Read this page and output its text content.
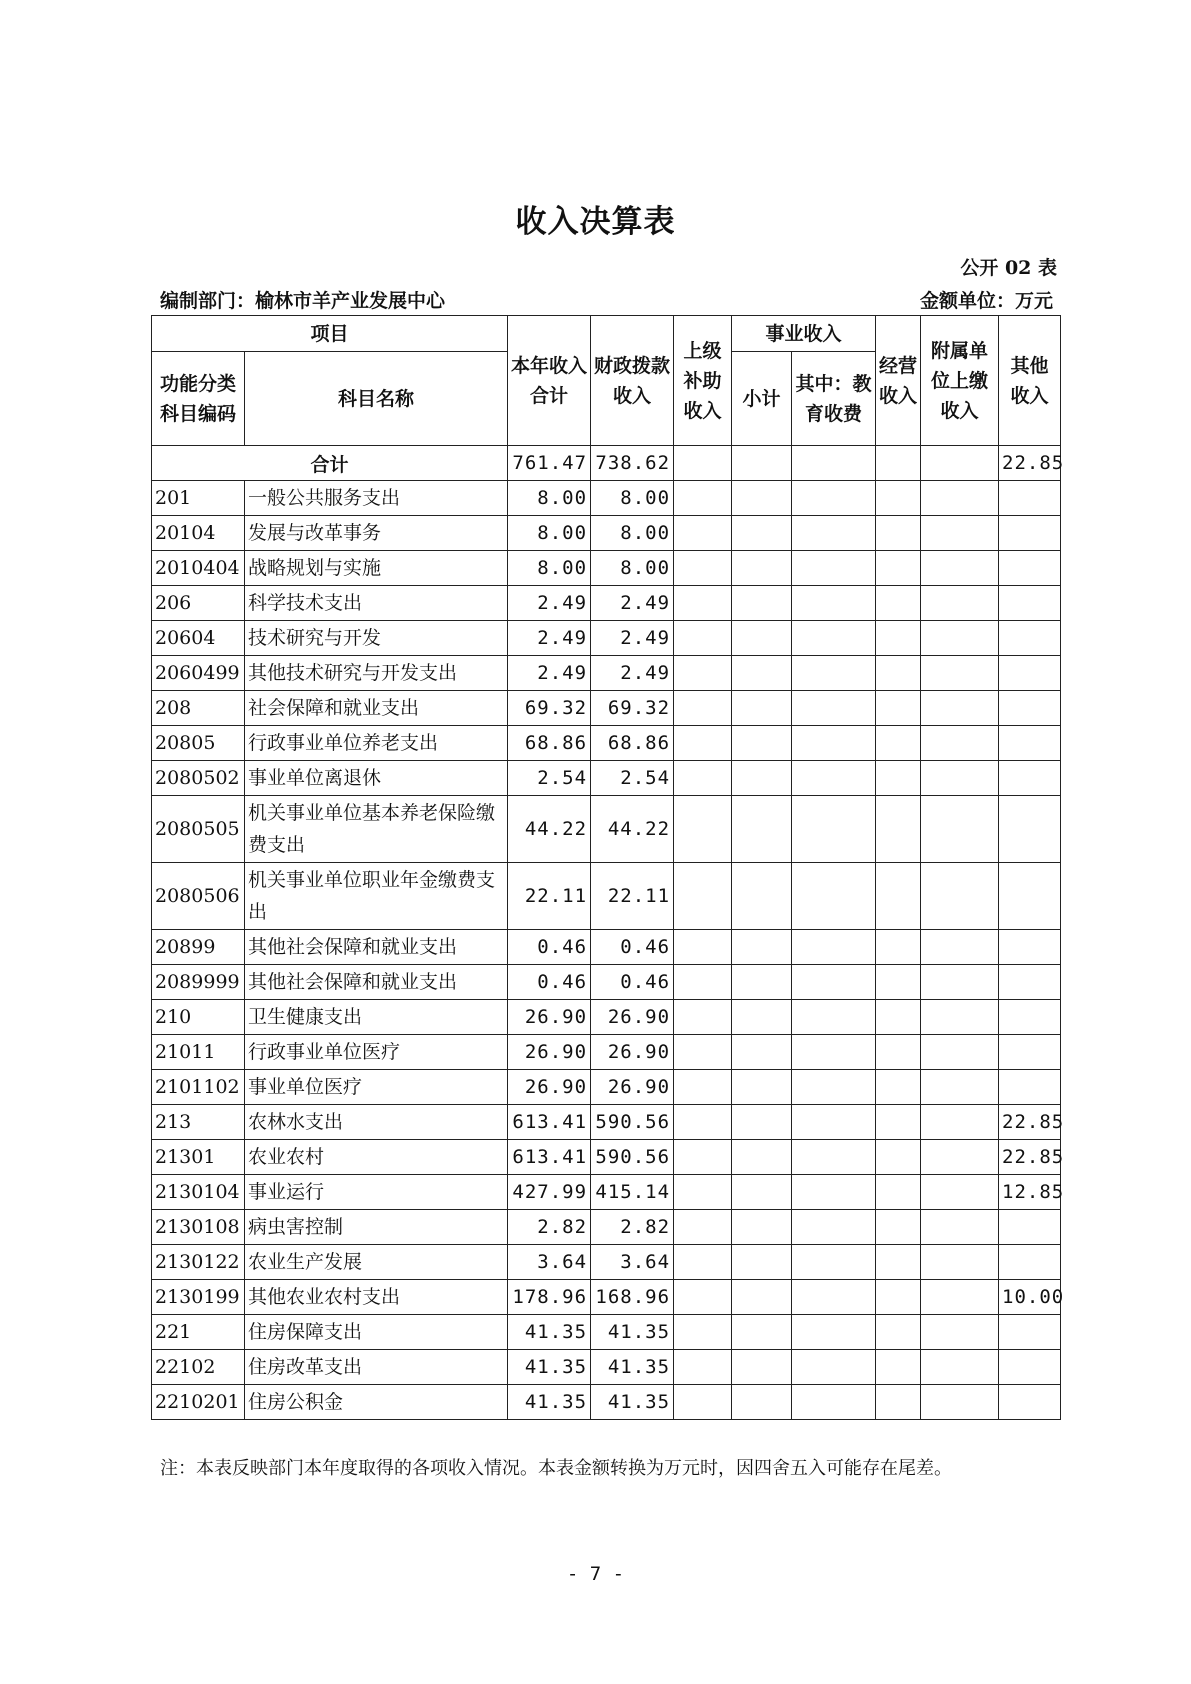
收入决算表
公开 02 表
编制部门：榆林市羊产业发展中心	金额单位：万元
项目		本年收入合计	财政拨款收入	上级补助收入	事业收入		经营收入	附属单位上缴收入	其他收入
功能分类科目编码	科目名称				小计	其中：教育收费			
合计		761.47	738.62						22.85
201	一般公共服务支出	8.00	8.00						
20104	发展与改革事务	8.00	8.00						
2010404	战略规划与实施	8.00	8.00						
206	科学技术支出	2.49	2.49						
20604	技术研究与开发	2.49	2.49						
2060499	其他技术研究与开发支出	2.49	2.49						
208	社会保障和就业支出	69.32	69.32						
20805	行政事业单位养老支出	68.86	68.86						
2080502	事业单位离退休	2.54	2.54						
2080505	机关事业单位基本养老保险缴费支出	44.22	44.22						
2080506	机关事业单位职业年金缴费支出	22.11	22.11						
20899	其他社会保障和就业支出	0.46	0.46						
2089999	其他社会保障和就业支出	0.46	0.46						
210	卫生健康支出	26.90	26.90						
21011	行政事业单位医疗	26.90	26.90						
2101102	事业单位医疗	26.90	26.90						
213	农林水支出	613.41	590.56						22.85
21301	农业农村	613.41	590.56						22.85
2130104	事业运行	427.99	415.14						12.85
2130108	病虫害控制	2.82	2.82						
2130122	农业生产发展	3.64	3.64						
2130199	其他农业农村支出	178.96	168.96						10.00
221	住房保障支出	41.35	41.35						
22102	住房改革支出	41.35	41.35						
2210201	住房公积金	41.35	41.35						
注：本表反映部门本年度取得的各项收入情况。本表金额转换为万元时，因四舍五入可能存在尾差。
- 7 -
